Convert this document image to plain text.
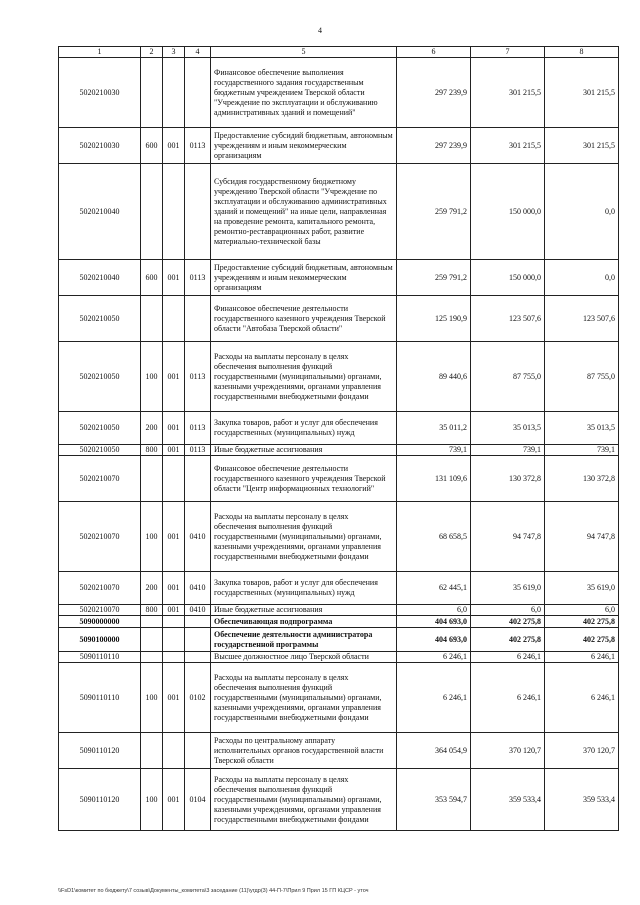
4
1	2	3	4	5	6	7	8
5020210030				Финансовое обеспечение выполнения государственного задания государственным бюджетным учреждением Тверской области "Учреждение по эксплуатации и обслуживанию административных зданий и помещений"	297 239,9	301 215,5	301 215,5
5020210030	600	001	0113	Предоставление субсидий бюджетным, автономным учреждениям и иным некоммерческим организациям	297 239,9	301 215,5	301 215,5
5020210040				Субсидия государственному бюджетному учреждению Тверской области "Учреждение по эксплуатации и обслуживанию административных зданий и помещений" на иные цели, направленная на проведение ремонта, капитального ремонта, ремонтно-реставрационных работ, развитие материально-технической базы	259 791,2	150 000,0	0,0
5020210040	600	001	0113	Предоставление субсидий бюджетным, автономным учреждениям и иным некоммерческим организациям	259 791,2	150 000,0	0,0
5020210050				Финансовое обеспечение деятельности государственного казенного учреждения Тверской области "Автобаза Тверской области"	125 190,9	123 507,6	123 507,6
5020210050	100	001	0113	Расходы на выплаты персоналу в целях обеспечения выполнения функций государственными (муниципальными) органами, казенными учреждениями, органами управления государственными внебюджетными фондами	89 440,6	87 755,0	87 755,0
5020210050	200	001	0113	Закупка товаров, работ и услуг для обеспечения государственных (муниципальных) нужд	35 011,2	35 013,5	35 013,5
5020210050	800	001	0113	Иные бюджетные ассигнования	739,1	739,1	739,1
5020210070				Финансовое обеспечение деятельности государственного казенного учреждения Тверской области "Центр информационных технологий"	131 109,6	130 372,8	130 372,8
5020210070	100	001	0410	Расходы на выплаты персоналу в целях обеспечения выполнения функций государственными (муниципальными) органами, казенными учреждениями, органами управления государственными внебюджетными фондами	68 658,5	94 747,8	94 747,8
5020210070	200	001	0410	Закупка товаров, работ и услуг для обеспечения государственных (муниципальных) нужд	62 445,1	35 619,0	35 619,0
5020210070	800	001	0410	Иные бюджетные ассигнования	6,0	6,0	6,0
5090000000				Обеспечивающая подпрограмма	404 693,0	402 275,8	402 275,8
5090100000				Обеспечение деятельности администратора государственной программы	404 693,0	402 275,8	402 275,8
5090110110				Высшее должностное лицо Тверской области	6 246,1	6 246,1	6 246,1
5090110110	100	001	0102	Расходы на выплаты персоналу в целях обеспечения выполнения функций государственными (муниципальными) органами, казенными учреждениями, органами управления государственными внебюджетными фондами	6 246,1	6 246,1	6 246,1
5090110120				Расходы по центральному аппарату исполнительных органов государственной власти Тверской области	364 054,9	370 120,7	370 120,7
5090110120	100	001	0104	Расходы на выплаты персоналу в целях обеспечения выполнения функций государственными (муниципальными) органами, казенными учреждениями, органами управления государственными внебюджетными фондами	353 594,7	359 533,4	359 533,4
\\FsD1\комитет по бюджету\7 созыв\Документы_комитета\3 заседание (11)\угдр(3) 44-П-7\Прил 9 Прил 15 ГП КЦСР - уточ
